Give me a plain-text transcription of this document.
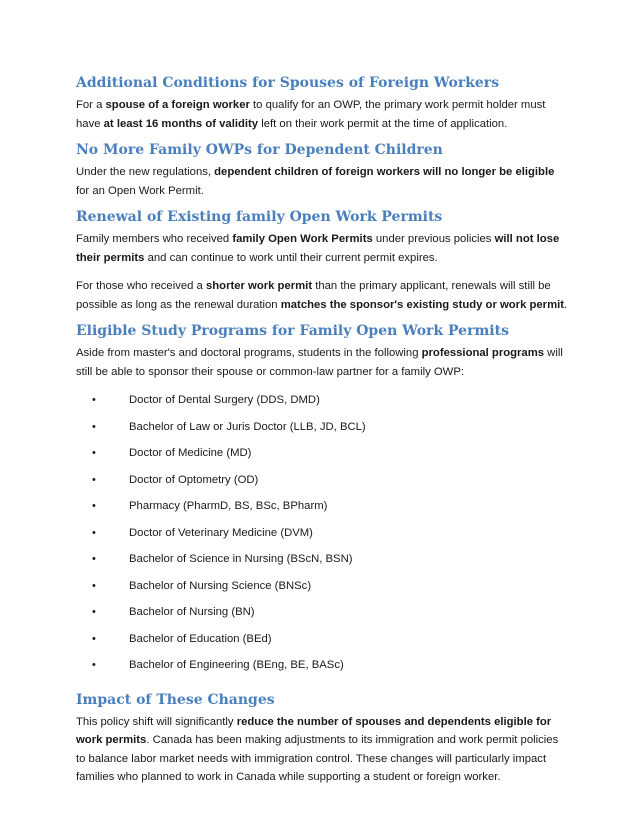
Additional Conditions for Spouses of Foreign Workers

For a spouse of a foreign worker to qualify for an OWP, the primary work permit holder must have at least 16 months of validity left on their work permit at the time of application.

No More Family OWPs for Dependent Children

Under the new regulations, dependent children of foreign workers will no longer be eligible for an Open Work Permit.

Renewal of Existing family Open Work Permits

Family members who received family Open Work Permits under previous policies will not lose their permits and can continue to work until their current permit expires.

For those who received a shorter work permit than the primary applicant, renewals will still be possible as long as the renewal duration matches the sponsor's existing study or work permit.

Eligible Study Programs for Family Open Work Permits

Aside from master's and doctoral programs, students in the following professional programs will still be able to sponsor their spouse or common-law partner for a family OWP:

•	Doctor of Dental Surgery (DDS, DMD)
•	Bachelor of Law or Juris Doctor (LLB, JD, BCL)
•	Doctor of Medicine (MD)
•	Doctor of Optometry (OD)
•	Pharmacy (PharmD, BS, BSc, BPharm)
•	Doctor of Veterinary Medicine (DVM)
•	Bachelor of Science in Nursing (BScN, BSN)
•	Bachelor of Nursing Science (BNSc)
•	Bachelor of Nursing (BN)
•	Bachelor of Education (BEd)
•	Bachelor of Engineering (BEng, BE, BASc)
Impact of These Changes

This policy shift will significantly reduce the number of spouses and dependents eligible for work permits. Canada has been making adjustments to its immigration and work permit policies to balance labor market needs with immigration control. These changes will particularly impact families who planned to work in Canada while supporting a student or foreign worker.
